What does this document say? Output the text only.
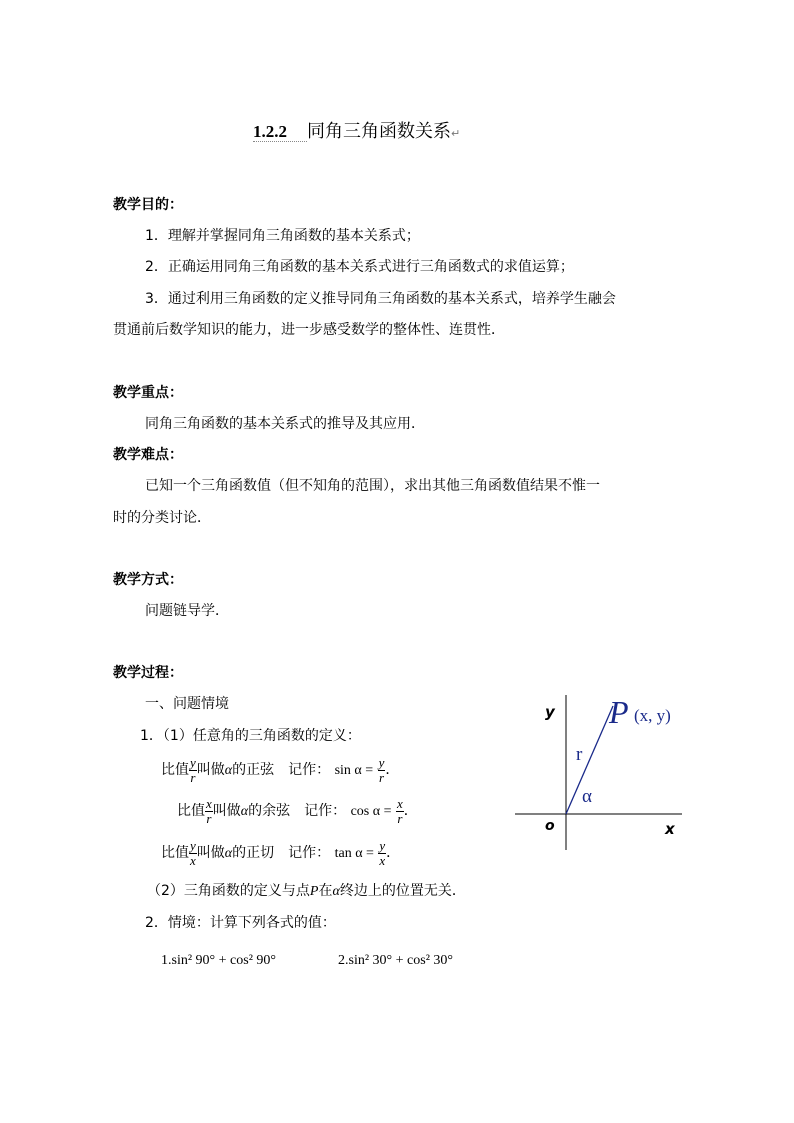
1.2.2 同角三角函数关系↵
教学目的：
1．理解并掌握同角三角函数的基本关系式；
2．正确运用同角三角函数的基本关系式进行三角函数式的求值运算；
3．通过利用三角函数的定义推导同角三角函数的基本关系式，培养学生融会
贯通前后数学知识的能力，进一步感受数学的整体性、连贯性．
教学重点：
同角三角函数的基本关系式的推导及其应用．
教学难点：
已知一个三角函数值（但不知角的范围），求出其他三角函数值结果不惟一
时的分类讨论．
教学方式：
问题链导学．
教学过程：
一、问题情境
1．（1）任意角的三角函数的定义：
比值 $\frac{y}{r}$ 叫做α的正弦　记作： $\sin \alpha = \frac{y}{r}$ ．
比值 $\frac{x}{r}$ 叫做α的余弦　记作： $\cos \alpha = \frac{x}{r}$ ．
比值 $\frac{y}{x}$ 叫做α的正切　记作： $\tan \alpha = \frac{y}{x}$ ．
（2）三角函数的定义与点P在α终边上的位置无关．
2．情境：计算下列各式的值：
1.sin² 90° + cos² 90°	2.sin² 30° + cos² 30°
y
x
o
P (x, y)
r
α
